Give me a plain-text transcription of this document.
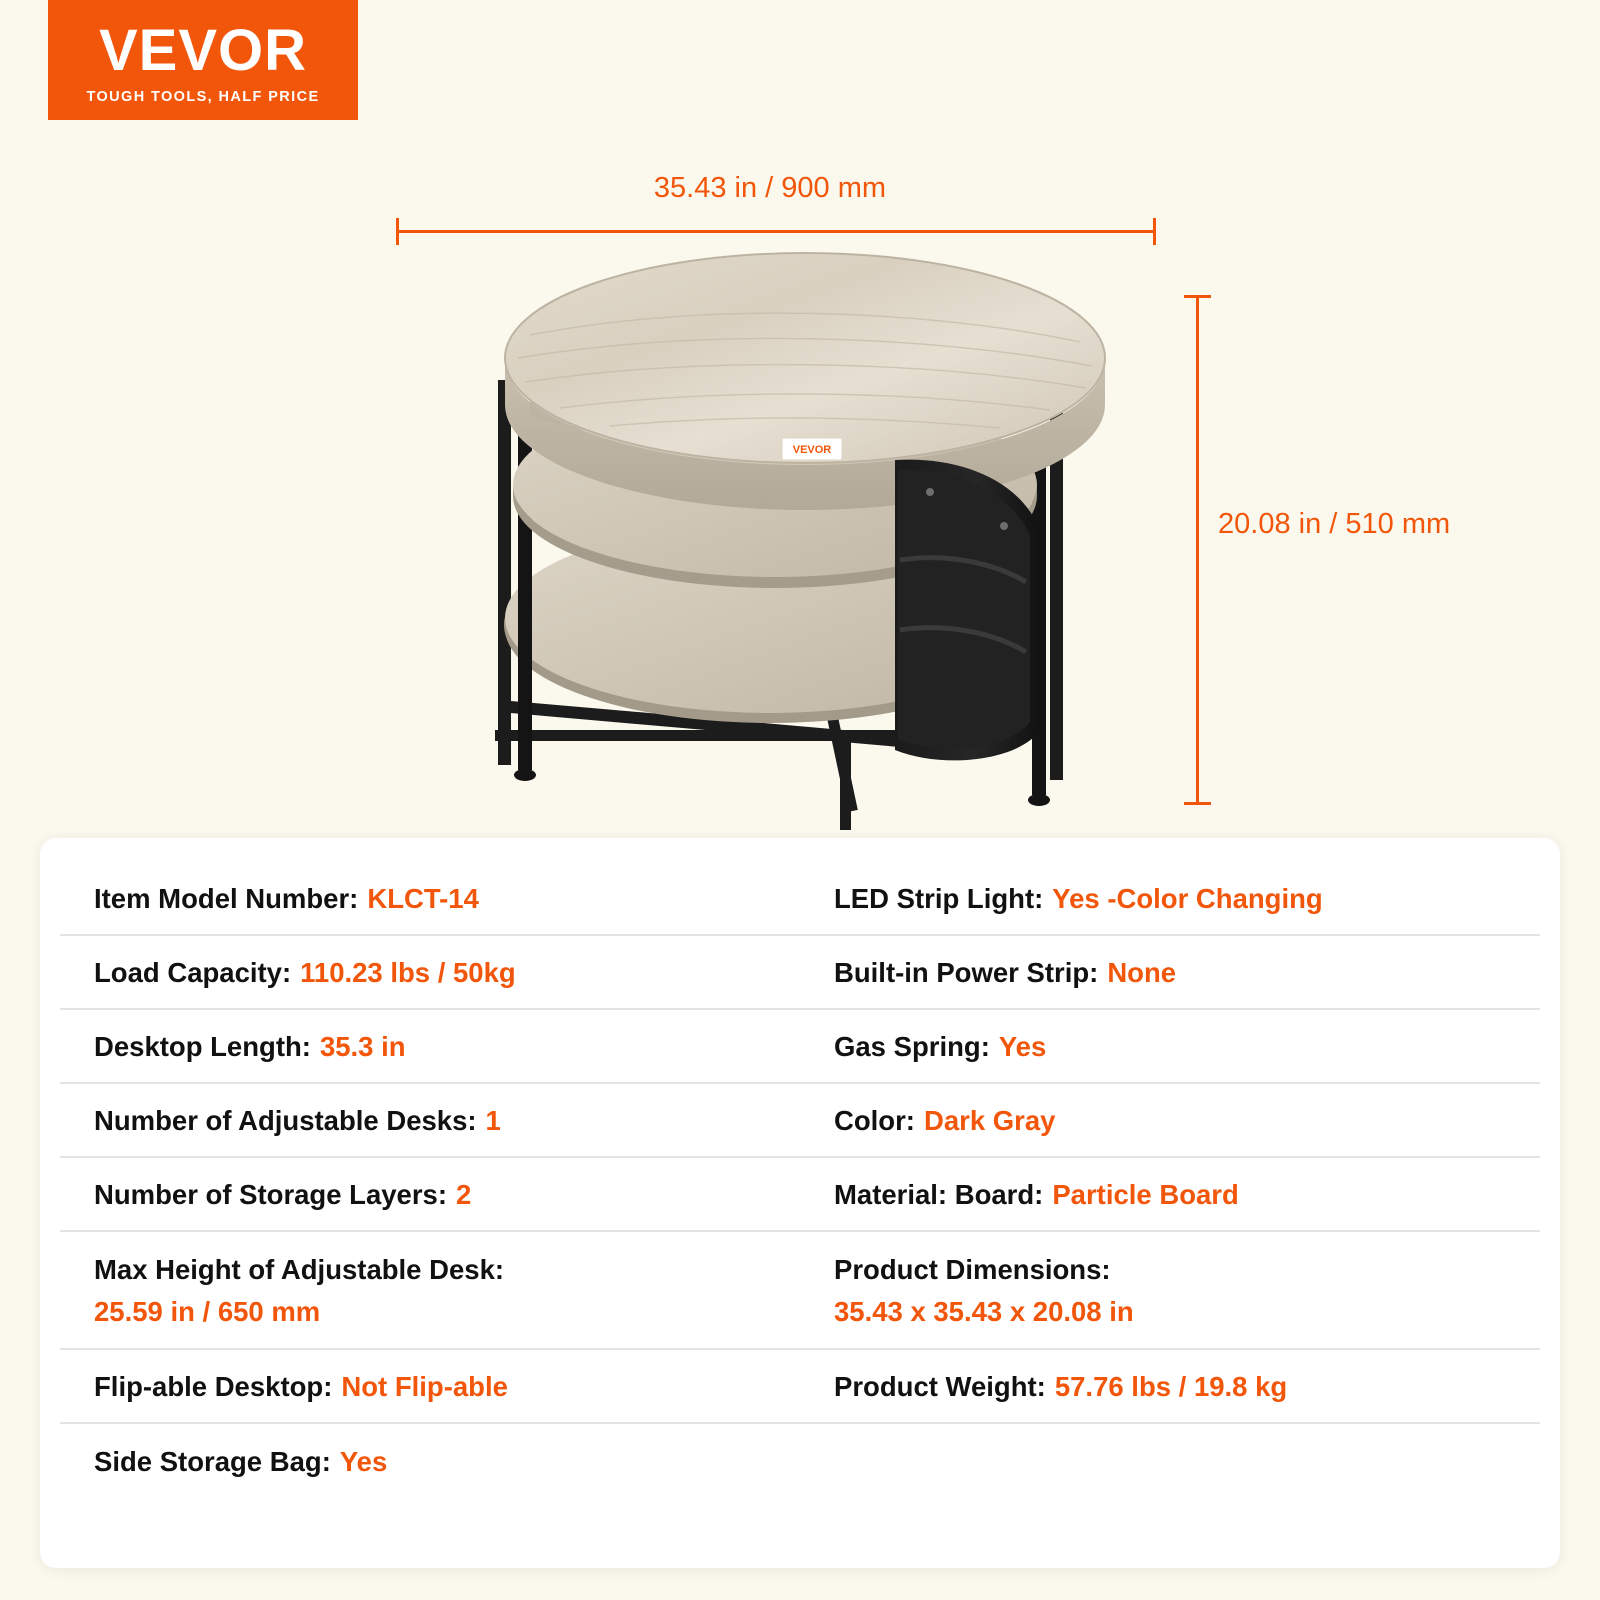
VEVOR
TOUGH TOOLS, HALF PRICE
35.43 in / 900 mm
20.08 in / 510 mm
VEVOR
Item Model Number: KLCT-14	LED Strip Light: Yes -Color Changing
Load Capacity: 110.23 lbs / 50kg	Built-in Power Strip: None
Desktop Length: 35.3 in	Gas Spring: Yes
Number of Adjustable Desks: 1	Color: Dark Gray
Number of Storage Layers: 2	Material: Board: Particle Board
Max Height of Adjustable Desk:
25.59 in / 650 mm
Product Dimensions:
35.43 x 35.43 x 20.08 in
Flip-able Desktop: Not Flip-able	Product Weight: 57.76 lbs / 19.8 kg
Side Storage Bag: Yes
